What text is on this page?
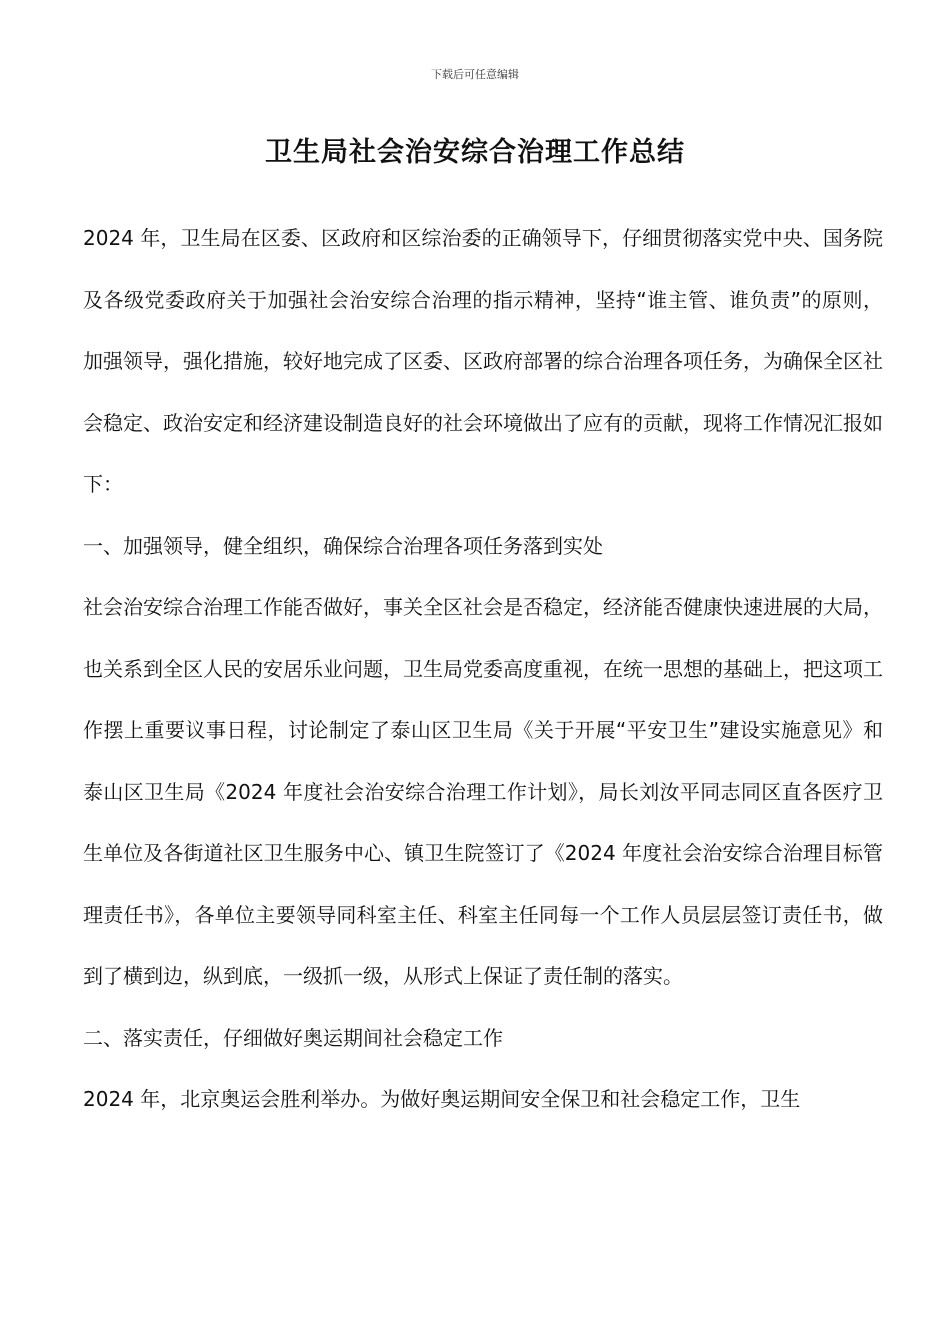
下载后可任意编辑
卫生局社会治安综合治理工作总结

2024 年，卫生局在区委、区政府和区综治委的正确领导下，仔细贯彻落实党中央、国务院及各级党委政府关于加强社会治安综合治理的指示精神，坚持“谁主管、谁负责”的原则，加强领导，强化措施，较好地完成了区委、区政府部署的综合治理各项任务，为确保全区社会稳定、政治安定和经济建设制造良好的社会环境做出了应有的贡献，现将工作情况汇报如下：

一、加强领导，健全组织，确保综合治理各项任务落到实处

社会治安综合治理工作能否做好，事关全区社会是否稳定，经济能否健康快速进展的大局，也关系到全区人民的安居乐业问题，卫生局党委高度重视，在统一思想的基础上，把这项工作摆上重要议事日程，讨论制定了泰山区卫生局《关于开展“平安卫生”建设实施意见》和泰山区卫生局《2024 年度社会治安综合治理工作计划》，局长刘汝平同志同区直各医疗卫生单位及各街道社区卫生服务中心、镇卫生院签订了《2024 年度社会治安综合治理目标管理责任书》，各单位主要领导同科室主任、科室主任同每一个工作人员层层签订责任书，做到了横到边，纵到底，一级抓一级，从形式上保证了责任制的落实。

二、落实责任，仔细做好奥运期间社会稳定工作

2024 年，北京奥运会胜利举办。为做好奥运期间安全保卫和社会稳定工作，卫生
